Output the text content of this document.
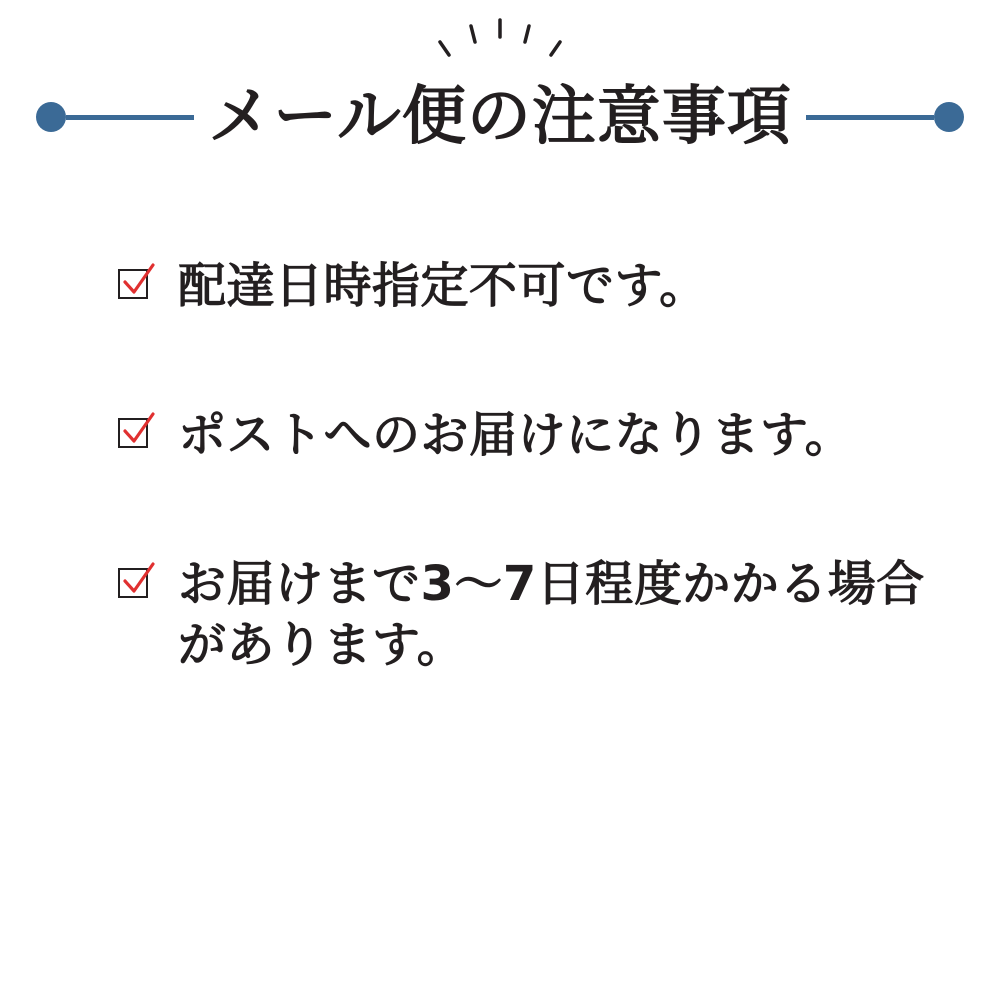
メール便の注意事項
配達日時指定不可です。
ポストへのお届けになります。
お届けまで3〜7日程度かかる場合があります。
